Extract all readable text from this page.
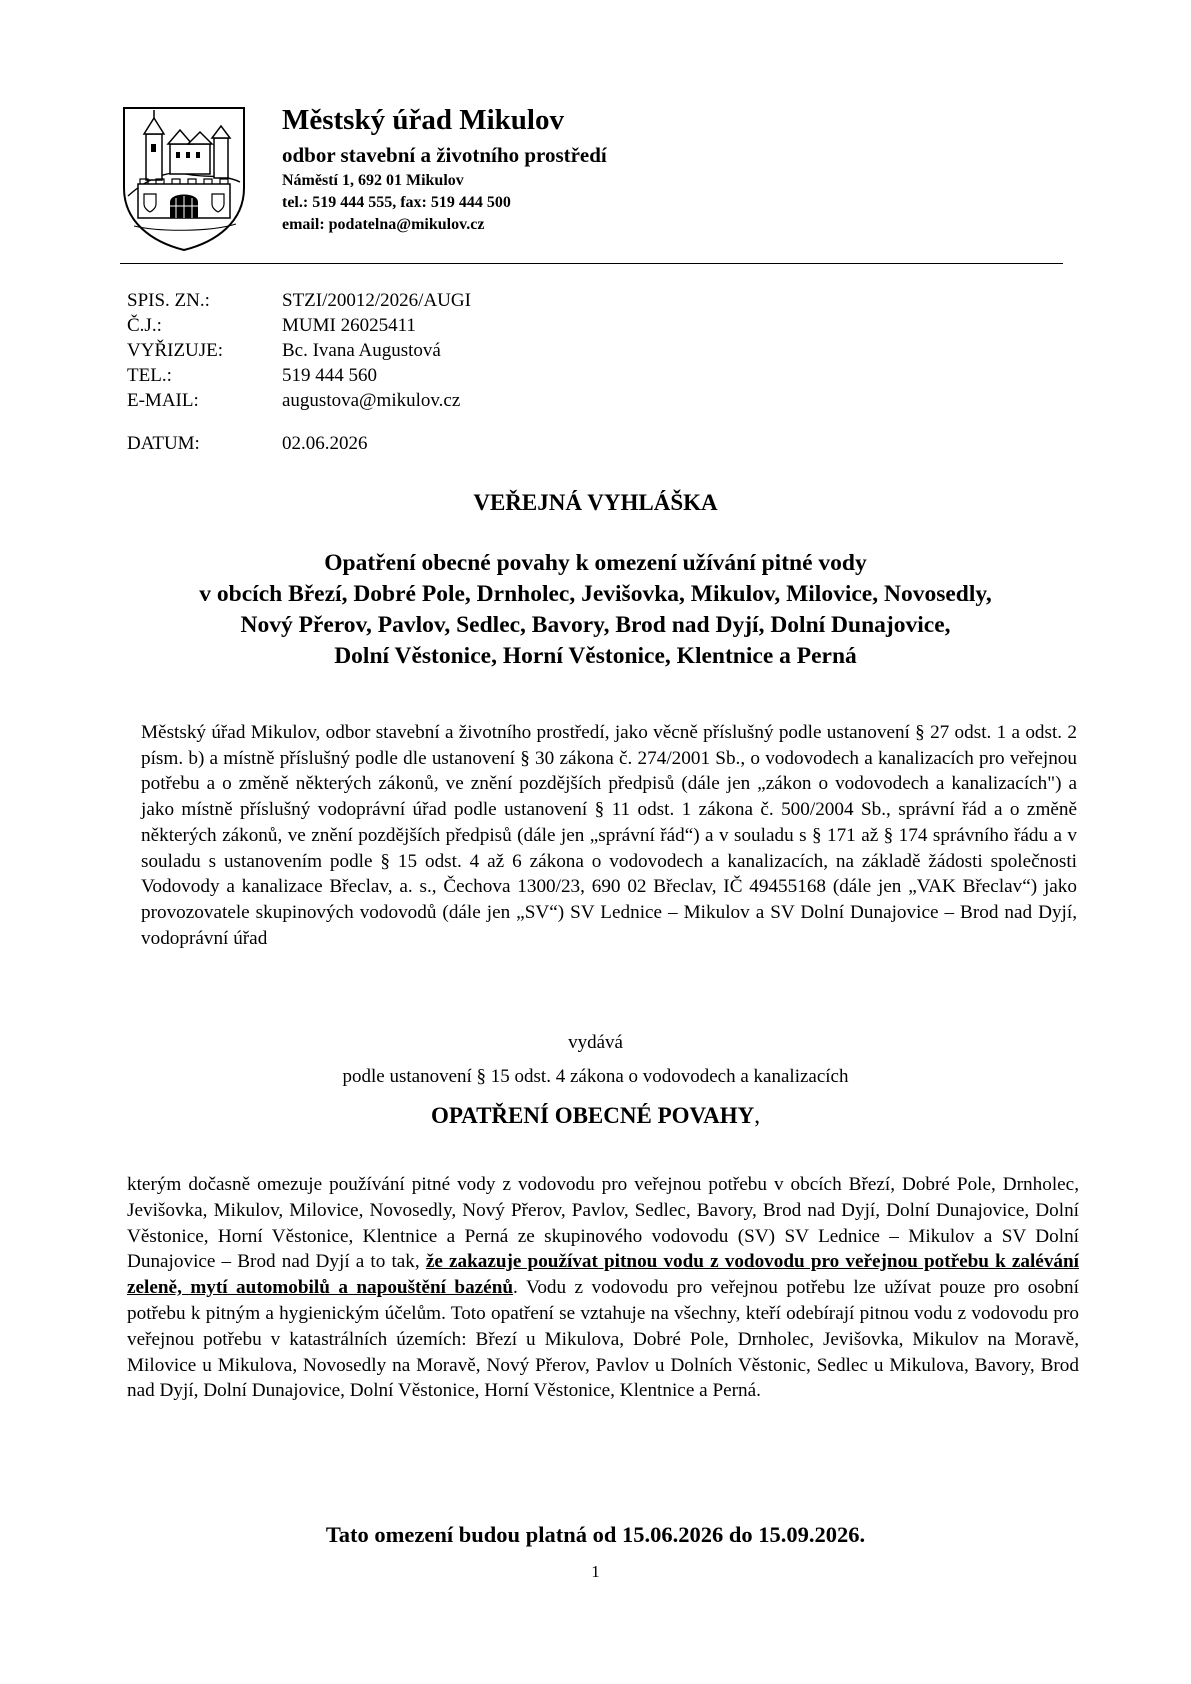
Městský úřad Mikulov
odbor stavební a životního prostředí
Náměstí 1, 692 01 Mikulov
tel.: 519 444 555, fax: 519 444 500
email: podatelna@mikulov.cz
SPIS. ZN.:	STZI/20012/2026/AUGI
Č.J.:	MUMI 26025411
VYŘIZUJE:	Bc. Ivana Augustová
TEL.:	519 444 560
E-MAIL:	augustova@mikulov.cz
DATUM:	02.06.2026
VEŘEJNÁ VYHLÁŠKA
Opatření obecné povahy k omezení užívání pitné vody
v obcích Březí, Dobré Pole, Drnholec, Jevišovka, Mikulov, Milovice, Novosedly,
Nový Přerov, Pavlov, Sedlec, Bavory, Brod nad Dyjí, Dolní Dunajovice,
Dolní Věstonice, Horní Věstonice, Klentnice a Perná
Městský úřad Mikulov, odbor stavební a životního prostředí, jako věcně příslušný podle ustanovení § 27 odst. 1 a odst. 2 písm. b) a místně příslušný podle dle ustanovení § 30 zákona č. 274/2001 Sb., o vodovodech a kanalizacích pro veřejnou potřebu a o změně některých zákonů, ve znění pozdějších předpisů (dále jen „zákon o vodovodech a kanalizacích") a jako místně příslušný vodoprávní úřad podle ustanovení § 11 odst. 1 zákona č. 500/2004 Sb., správní řád a o změně některých zákonů, ve znění pozdějších předpisů (dále jen „správní řád“) a v souladu s § 171 až § 174 správního řádu a v souladu s ustanovením podle § 15 odst. 4 až 6 zákona o vodovodech a kanalizacích, na základě žádosti společnosti Vodovody a kanalizace Břeclav, a. s., Čechova 1300/23, 690 02 Břeclav, IČ 49455168 (dále jen „VAK Břeclav“) jako provozovatele skupinových vodovodů (dále jen „SV“) SV Lednice – Mikulov a SV Dolní Dunajovice – Brod nad Dyjí, vodoprávní úřad
vydává
podle ustanovení § 15 odst. 4 zákona o vodovodech a kanalizacích
OPATŘENÍ OBECNÉ POVAHY,
kterým dočasně omezuje používání pitné vody z vodovodu pro veřejnou potřebu v obcích Březí, Dobré Pole, Drnholec, Jevišovka, Mikulov, Milovice, Novosedly, Nový Přerov, Pavlov, Sedlec, Bavory, Brod nad Dyjí, Dolní Dunajovice, Dolní Věstonice, Horní Věstonice, Klentnice a Perná ze skupinového vodovodu (SV) SV Lednice – Mikulov a SV Dolní Dunajovice – Brod nad Dyjí a to tak, že zakazuje používat pitnou vodu z vodovodu pro veřejnou potřebu k zalévání zeleně, mytí automobilů a napouštění bazénů. Vodu z vodovodu pro veřejnou potřebu lze užívat pouze pro osobní potřebu k pitným a hygienickým účelům. Toto opatření se vztahuje na všechny, kteří odebírají pitnou vodu z vodovodu pro veřejnou potřebu v katastrálních územích: Březí u Mikulova, Dobré Pole, Drnholec, Jevišovka, Mikulov na Moravě, Milovice u Mikulova, Novosedly na Moravě, Nový Přerov, Pavlov u Dolních Věstonic, Sedlec u Mikulova, Bavory, Brod nad Dyjí, Dolní Dunajovice, Dolní Věstonice, Horní Věstonice, Klentnice a Perná.
Tato omezení budou platná od 15.06.2026 do 15.09.2026.
1
